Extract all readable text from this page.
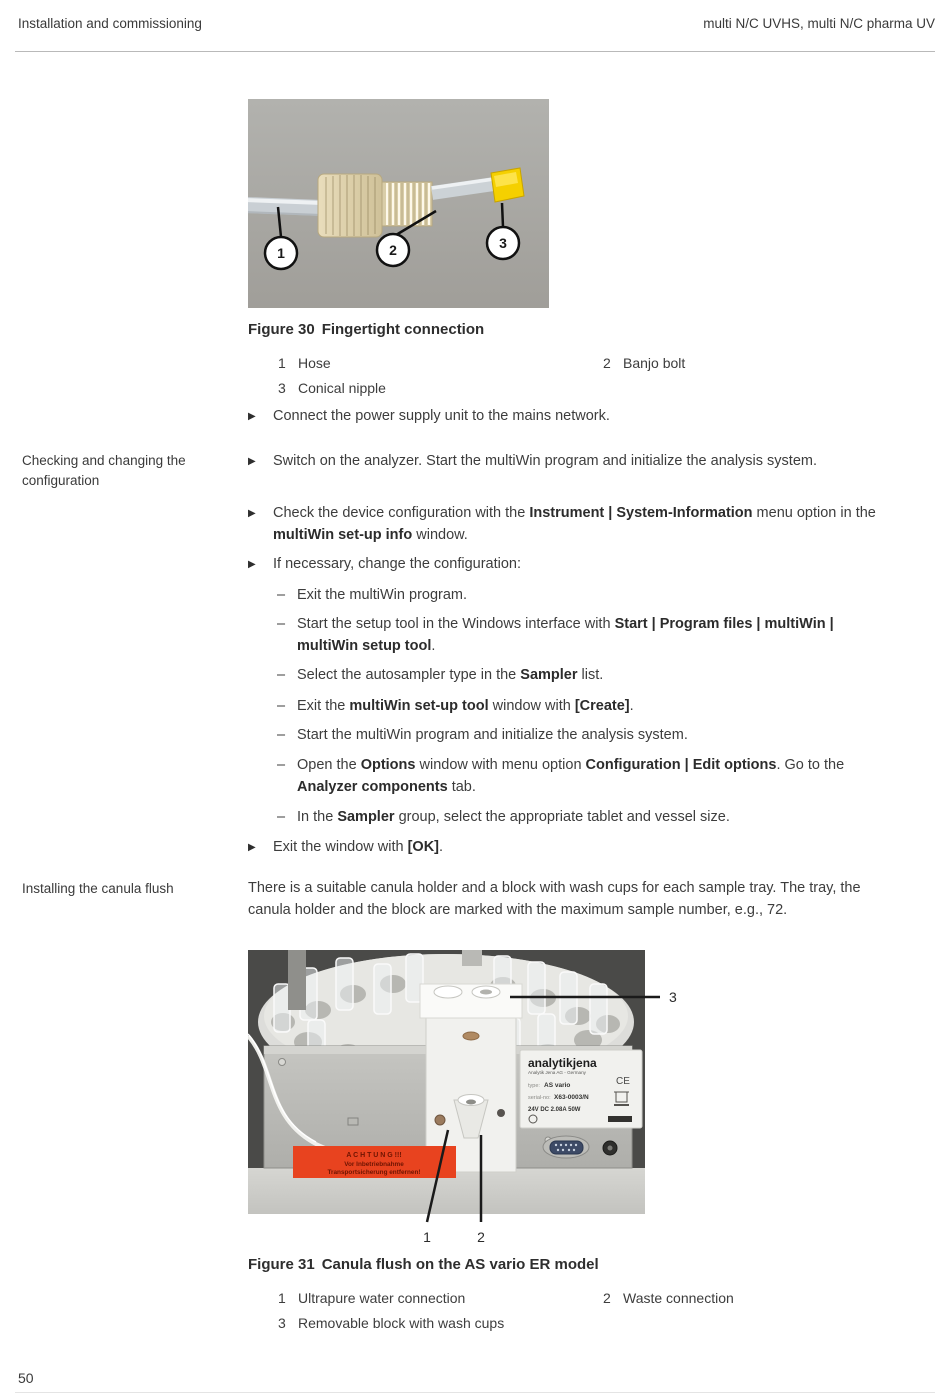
Installation and commissioning	multi N/C UVHS, multi N/C pharma UV
1	2	3
Figure 30 Fingertight connection
1 Hose	2 Banjo bolt
3 Conical nipple
▶ Connect the power supply unit to the mains network.
Checking and changing the configuration
▶ Switch on the analyzer. Start the multiWin program and initialize the analysis system.
▶ Check the device configuration with the Instrument | System-Information menu option in the multiWin set-up info window.
▶ If necessary, change the configuration:
– Exit the multiWin program.
– Start the setup tool in the Windows interface with Start | Program files | multiWin | multiWin setup tool.
– Select the autosampler type in the Sampler list.
– Exit the multiWin set-up tool window with [Create].
– Start the multiWin program and initialize the analysis system.
– Open the Options window with menu option Configuration | Edit options. Go to the Analyzer components tab.
– In the Sampler group, select the appropriate tablet and vessel size.
▶ Exit the window with [OK].
Installing the canula flush	There is a suitable canula holder and a block with wash cups for each sample tray. The tray, the canula holder and the block are marked with the maximum sample number, e.g., 72.
analytikjena
Analytik Jena AG - Germany
type: AS vario	CE
serial-no: X63-0003/N
24V DC 2.08A 50W
A C H T U N G !!!
Vor Inbetriebnahme
Transportsicherung entfernen!
3
1	2
Figure 31 Canula flush on the AS vario ER model
1 Ultrapure water connection	2 Waste connection
3 Removable block with wash cups
50
